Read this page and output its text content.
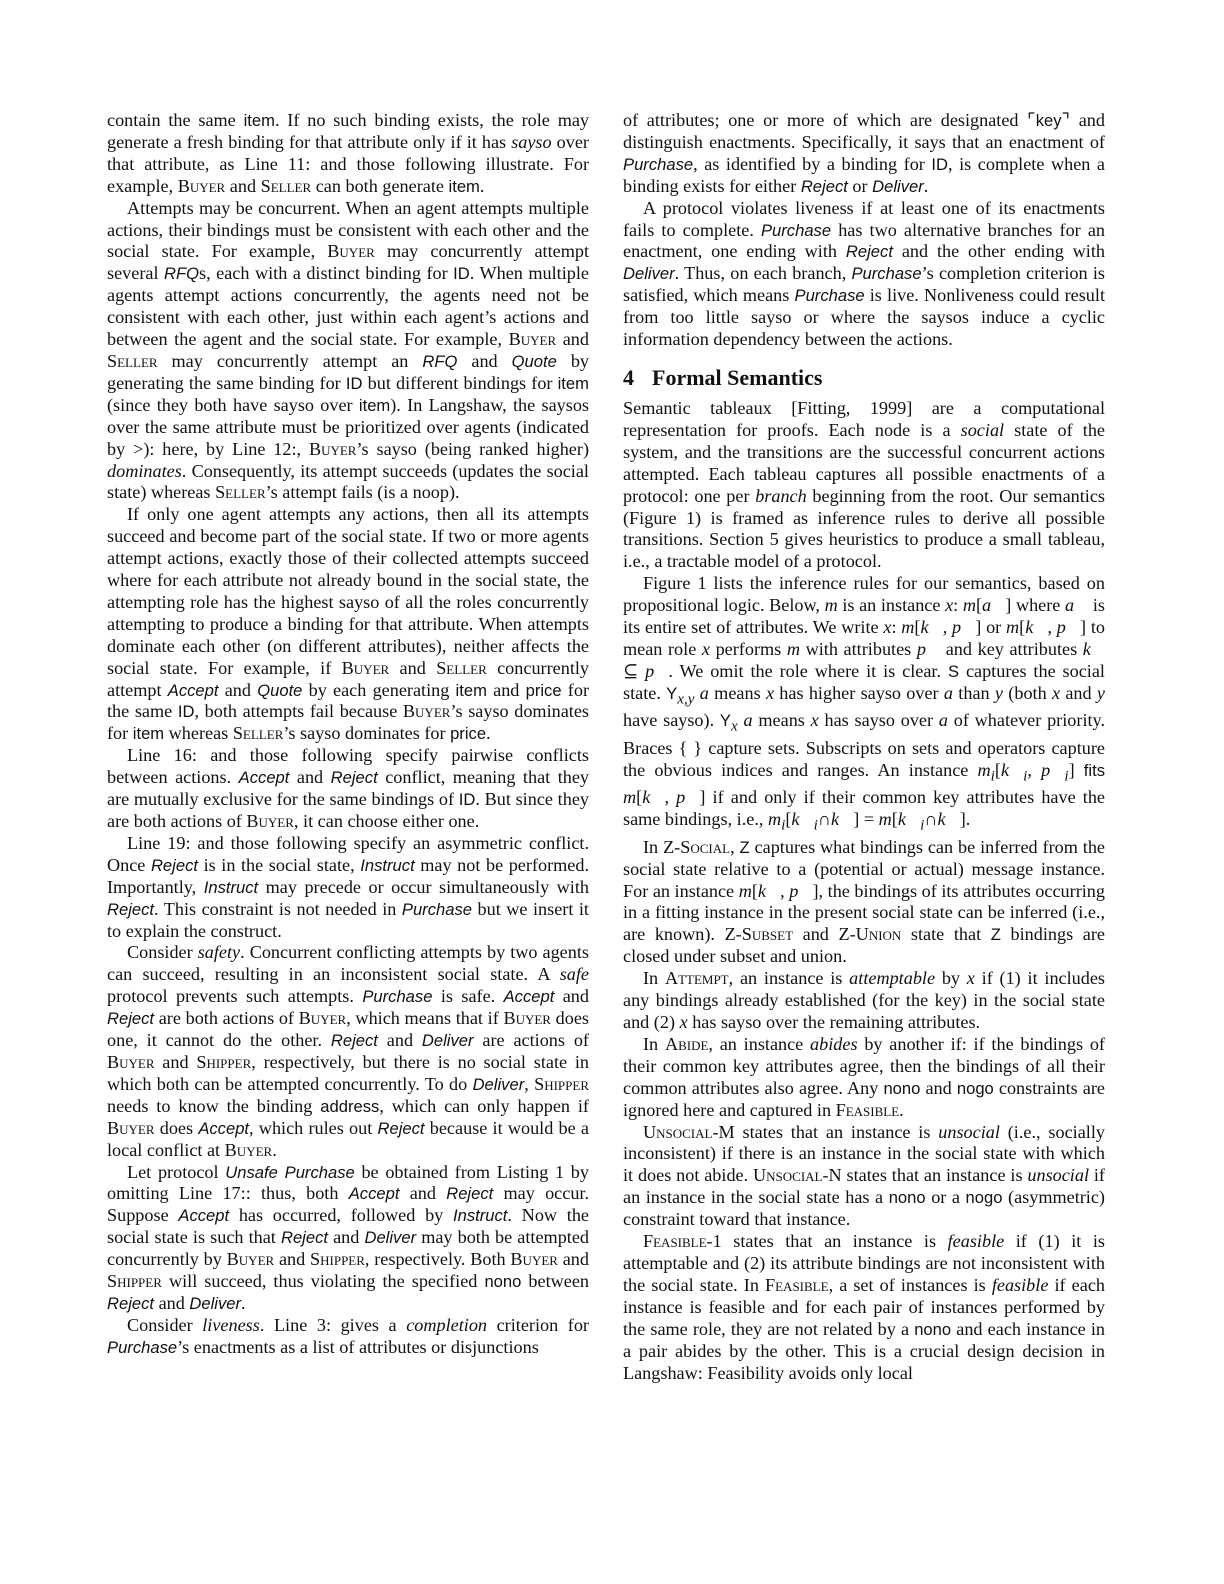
contain the same item. If no such binding exists, the role may generate a fresh binding for that attribute only if it has sayso over that attribute, as Line 11: and those following illustrate. For example, Buyer and Seller can both generate item.

Attempts may be concurrent. When an agent attempts multiple actions, their bindings must be consistent with each other and the social state. For example, Buyer may concurrently attempt several RFQs, each with a distinct binding for ID. When multiple agents attempt actions concurrently, the agents need not be consistent with each other, just within each agent’s actions and between the agent and the social state. For example, Buyer and Seller may concurrently attempt an RFQ and Quote by generating the same binding for ID but different bindings for item (since they both have sayso over item). In Langshaw, the saysos over the same attribute must be prioritized over agents (indicated by >): here, by Line 12:, Buyer’s sayso (being ranked higher) dominates. Consequently, its attempt succeeds (updates the social state) whereas Seller’s attempt fails (is a noop).

If only one agent attempts any actions, then all its attempts succeed and become part of the social state. If two or more agents attempt actions, exactly those of their collected attempts succeed where for each attribute not already bound in the social state, the attempting role has the highest sayso of all the roles concurrently attempting to produce a binding for that attribute. When attempts dominate each other (on different attributes), neither affects the social state. For example, if Buyer and Seller concurrently attempt Accept and Quote by each generating item and price for the same ID, both attempts fail because Buyer’s sayso dominates for item whereas Seller’s sayso dominates for price.

Line 16: and those following specify pairwise conflicts between actions. Accept and Reject conflict, meaning that they are mutually exclusive for the same bindings of ID. But since they are both actions of Buyer, it can choose either one.

Line 19: and those following specify an asymmetric conflict. Once Reject is in the social state, Instruct may not be performed. Importantly, Instruct may precede or occur simultaneously with Reject. This constraint is not needed in Purchase but we insert it to explain the construct.

Consider safety. Concurrent conflicting attempts by two agents can succeed, resulting in an inconsistent social state. A safe protocol prevents such attempts. Purchase is safe. Accept and Reject are both actions of Buyer, which means that if Buyer does one, it cannot do the other. Reject and Deliver are actions of Buyer and Shipper, respectively, but there is no social state in which both can be attempted concurrently. To do Deliver, Shipper needs to know the binding address, which can only happen if Buyer does Accept, which rules out Reject because it would be a local conflict at Buyer.

Let protocol Unsafe Purchase be obtained from Listing 1 by omitting Line 17:: thus, both Accept and Reject may occur. Suppose Accept has occurred, followed by Instruct. Now the social state is such that Reject and Deliver may both be attempted concurrently by Buyer and Shipper, respectively. Both Buyer and Shipper will succeed, thus violating the specified nono between Reject and Deliver.

Consider liveness. Line 3: gives a completion criterion for Purchase’s enactments as a list of attributes or disjunctions

of attributes; one or more of which are designated ⌜key⌝ and distinguish enactments. Specifically, it says that an enactment of Purchase, as identified by a binding for ID, is complete when a binding exists for either Reject or Deliver.

A protocol violates liveness if at least one of its enactments fails to complete. Purchase has two alternative branches for an enactment, one ending with Reject and the other ending with Deliver. Thus, on each branch, Purchase’s completion criterion is satisfied, which means Purchase is live. Nonliveness could result from too little sayso or where the saysos induce a cyclic information dependency between the actions.

4 Formal Semantics

Semantic tableaux [Fitting, 1999] are a computational representation for proofs. Each node is a social state of the system, and the transitions are the successful concurrent actions attempted. Each tableau captures all possible enactments of a protocol: one per branch beginning from the root. Our semantics (Figure 1) is framed as inference rules to derive all possible transitions. Section 5 gives heuristics to produce a small tableau, i.e., a tractable model of a protocol.

Figure 1 lists the inference rules for our semantics, based on propositional logic. Below, m is an instance x: m[a⃗] where a⃗ is its entire set of attributes. We write x: m[k⃗, p⃗] or m[k⃗, p⃗] to mean role x performs m with attributes p⃗ and key attributes k⃗ ⊆ p⃗. We omit the role where it is clear. S captures the social state. $Y_{x,y}$ a means x has higher sayso over a than y (both x and y have sayso). $Y_x$ a means x has sayso over a of whatever priority. Braces { } capture sets. Subscripts on sets and operators capture the obvious indices and ranges. An instance $m_i[k⃗_i$, $p⃗_i$] fits m[k⃗, p⃗] if and only if their common key attributes have the same bindings, i.e., $m_i[k⃗_i\cap k⃗]$ = $m[k⃗_i\cap k⃗]$.

In Z-Social, Z captures what bindings can be inferred from the social state relative to a (potential or actual) message instance. For an instance m[k⃗, p⃗], the bindings of its attributes occurring in a fitting instance in the present social state can be inferred (i.e., are known). Z-Subset and Z-Union state that Z bindings are closed under subset and union.

In Attempt, an instance is attemptable by x if (1) it includes any bindings already established (for the key) in the social state and (2) x has sayso over the remaining attributes.

In Abide, an instance abides by another if: if the bindings of their common key attributes agree, then the bindings of all their common attributes also agree. Any nono and nogo constraints are ignored here and captured in Feasible.

Unsocial-M states that an instance is unsocial (i.e., socially inconsistent) if there is an instance in the social state with which it does not abide. Unsocial-N states that an instance is unsocial if an instance in the social state has a nono or a nogo (asymmetric) constraint toward that instance.

Feasible-1 states that an instance is feasible if (1) it is attemptable and (2) its attribute bindings are not inconsistent with the social state. In Feasible, a set of instances is feasible if each instance is feasible and for each pair of instances performed by the same role, they are not related by a nono and each instance in a pair abides by the other. This is a crucial design decision in Langshaw: Feasibility avoids only local
